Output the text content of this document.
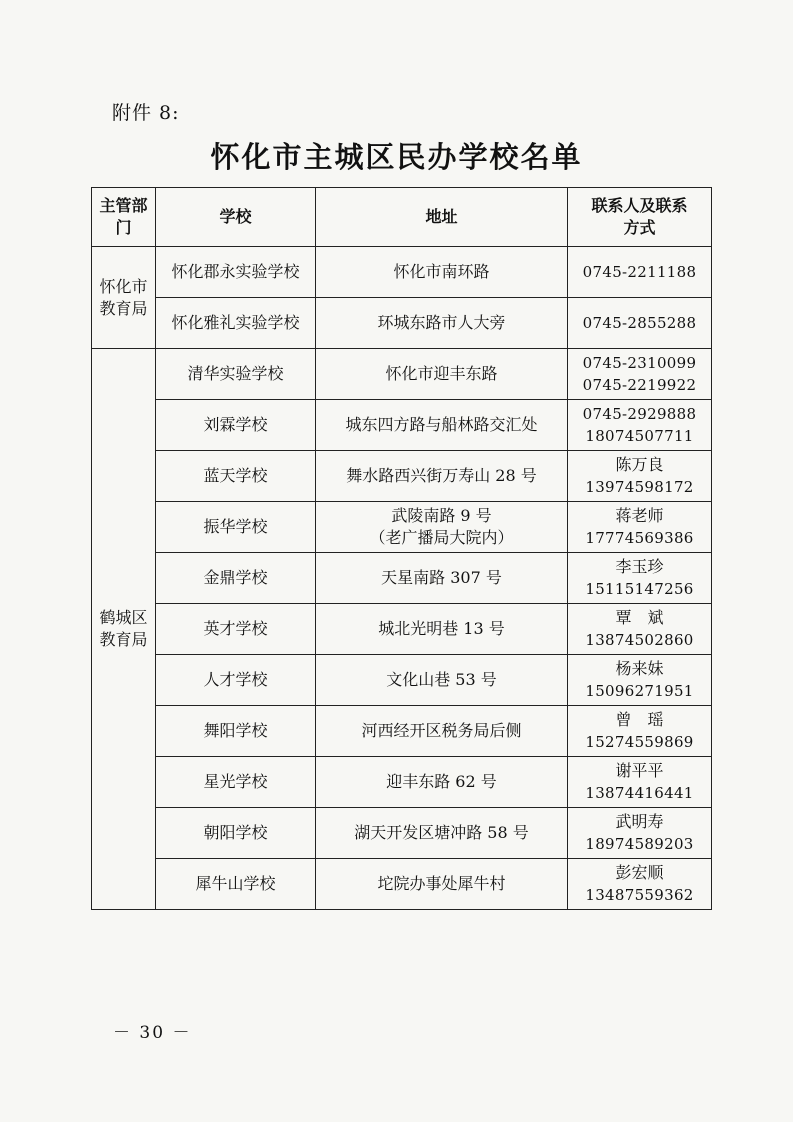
附件 8:
怀化市主城区民办学校名单
主管部门	学校	地址	联系人及联系方式
怀化市教育局	怀化郡永实验学校	怀化市南环路	0745-2211188

	怀化雅礼实验学校	环城东路市人大旁	0745-2855288

鹤城区教育局	清华实验学校	怀化市迎丰东路	0745-2310099
0745-2219922

	刘霖学校	城东四方路与船林路交汇处	0745-2929888
18074507711

	蓝天学校	舞水路西兴街万寿山 28 号	陈万良
13974598172

	振华学校	武陵南路 9 号
（老广播局大院内）	蒋老师
17774569386

	金鼎学校	天星南路 307 号	李玉珍
15115147256

	英才学校	城北光明巷 13 号	覃　斌
13874502860

	人才学校	文化山巷 53 号	杨来妹
15096271951

	舞阳学校	河西经开区税务局后侧	曾　瑶
15274559869

	星光学校	迎丰东路 62 号	谢平平
13874416441

	朝阳学校	湖天开发区塘冲路 58 号	武明寿
18974589203

	犀牛山学校	坨院办事处犀牛村	彭宏顺
13487559362
－ 30 －
